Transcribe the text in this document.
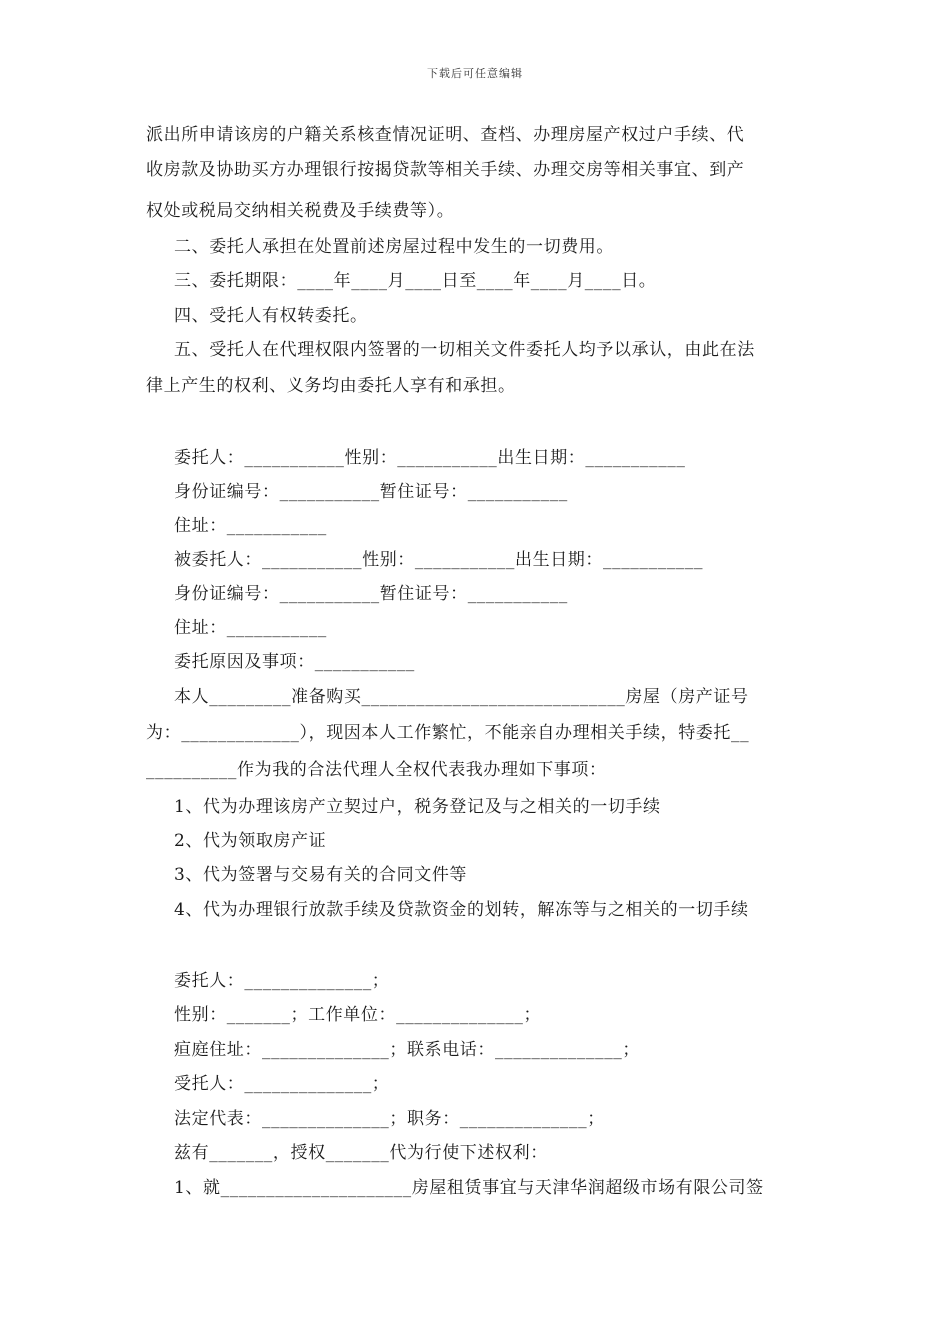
下载后可任意编辑
派出所申请该房的户籍关系核查情况证明、查档、办理房屋产权过户手续、代
收房款及协助买方办理银行按揭贷款等相关手续、办理交房等相关事宜、到产
权处或税局交纳相关税费及手续费等）。
二、委托人承担在处置前述房屋过程中发生的一切费用。
三、委托期限：____年____月____日至____年____月____日。
四、受托人有权转委托。
五、受托人在代理权限内签署的一切相关文件委托人均予以承认，由此在法
律上产生的权利、义务均由委托人享有和承担。
委托人：___________性别：___________出生日期：___________
身份证编号：___________暂住证号：___________
住址：___________
被委托人：___________性别：___________出生日期：___________
身份证编号：___________暂住证号：___________
住址：___________
委托原因及事项：___________
本人_________准备购买_____________________________房屋（房产证号
为：_____________），现因本人工作繁忙，不能亲自办理相关手续，特委托__
__________作为我的合法代理人全权代表我办理如下事项：
1、代为办理该房产立契过户，税务登记及与之相关的一切手续
2、代为领取房产证
3、代为签署与交易有关的合同文件等
4、代为办理银行放款手续及贷款资金的划转，解冻等与之相关的一切手续
委托人：______________；
性别：_______；工作单位：______________；
疸庭住址：______________；联系电话：______________；
受托人：______________；
法定代表：______________；职务：______________；
兹有_______，授权_______代为行使下述权利：
1、就_____________________房屋租赁事宜与天津华润超级市场有限公司签
